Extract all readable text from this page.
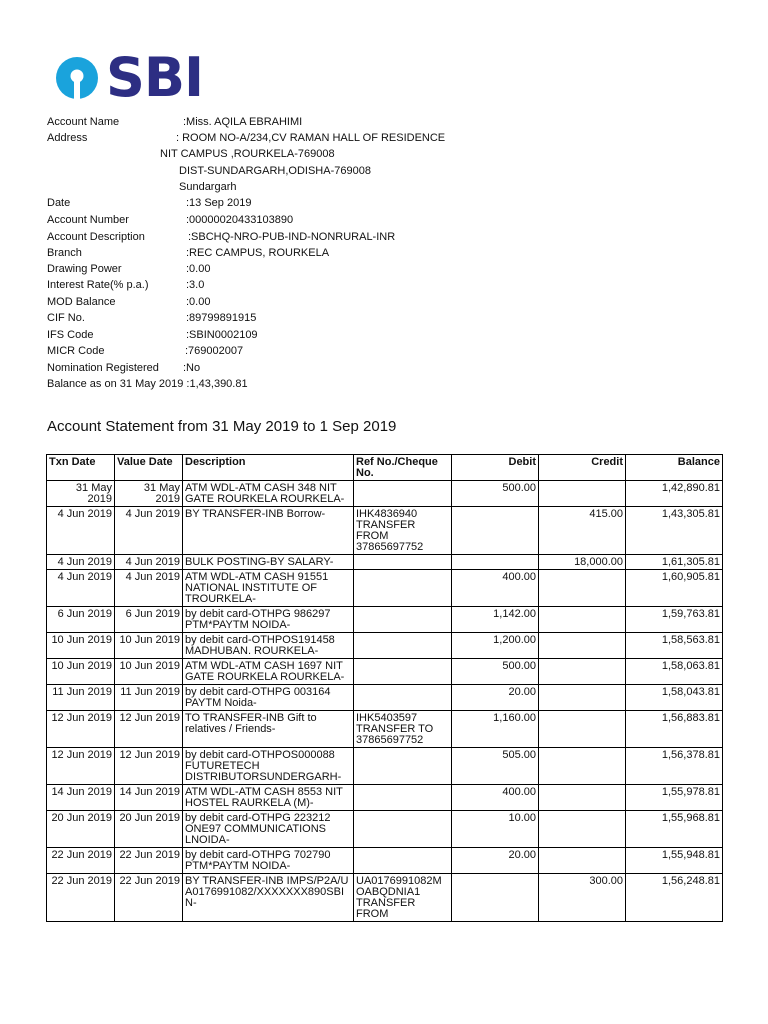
SBI
Account Name	:Miss. AQILA EBRAHIMI
Address	: ROOM NO-A/234,CV RAMAN HALL OF RESIDENCE
NIT CAMPUS ,ROURKELA-769008
DIST-SUNDARGARH,ODISHA-769008
Sundargarh
Date	:13 Sep 2019
Account Number	:00000020433103890
Account Description	:SBCHQ-NRO-PUB-IND-NONRURAL-INR
Branch	:REC CAMPUS, ROURKELA
Drawing Power	:0.00
Interest Rate(% p.a.)	:3.0
MOD Balance	:0.00
CIF No.	:89799891915
IFS Code	:SBIN0002109
MICR Code	:769002007
Nomination Registered :No
Balance as on 31 May 2019 :1,43,390.81
Account Statement from 31 May 2019 to 1 Sep 2019
Txn Date	Value Date	Description	Ref No./Cheque No.	Debit	Credit	Balance
31 May 2019	31 May 2019	ATM WDL-ATM CASH 348 NIT GATE ROURKELA ROURKELA-		500.00		1,42,890.81
4 Jun 2019	4 Jun 2019	BY TRANSFER-INB Borrow-	IHK4836940 TRANSFER FROM 37865697752		415.00	1,43,305.81
4 Jun 2019	4 Jun 2019	BULK POSTING-BY SALARY-			18,000.00	1,61,305.81
4 Jun 2019	4 Jun 2019	ATM WDL-ATM CASH 91551 NATIONAL INSTITUTE OF TROURKELA-		400.00		1,60,905.81
6 Jun 2019	6 Jun 2019	by debit card-OTHPG 986297 PTM*PAYTM NOIDA-		1,142.00		1,59,763.81
10 Jun 2019	10 Jun 2019	by debit card-OTHPOS191458 MADHUBAN. ROURKELA-		1,200.00		1,58,563.81
10 Jun 2019	10 Jun 2019	ATM WDL-ATM CASH 1697 NIT GATE ROURKELA ROURKELA-		500.00		1,58,063.81
11 Jun 2019	11 Jun 2019	by debit card-OTHPG 003164 PAYTM Noida-		20.00		1,58,043.81
12 Jun 2019	12 Jun 2019	TO TRANSFER-INB Gift to relatives / Friends-	IHK5403597 TRANSFER TO 37865697752	1,160.00		1,56,883.81
12 Jun 2019	12 Jun 2019	by debit card-OTHPOS000088 FUTURETECH DISTRIBUTORSUNDERGARH-		505.00		1,56,378.81
14 Jun 2019	14 Jun 2019	ATM WDL-ATM CASH 8553 NIT HOSTEL RAURKELA (M)-		400.00		1,55,978.81
20 Jun 2019	20 Jun 2019	by debit card-OTHPG 223212 ONE97 COMMUNICATIONS LNOIDA-		10.00		1,55,968.81
22 Jun 2019	22 Jun 2019	by debit card-OTHPG 702790 PTM*PAYTM NOIDA-		20.00		1,55,948.81
22 Jun 2019	22 Jun 2019	BY TRANSFER-INB IMPS/P2A/UA0176991082/XXXXXXX890SBIN-	UA0176991082M OABQDNIA1 TRANSFER FROM		300.00	1,56,248.81
